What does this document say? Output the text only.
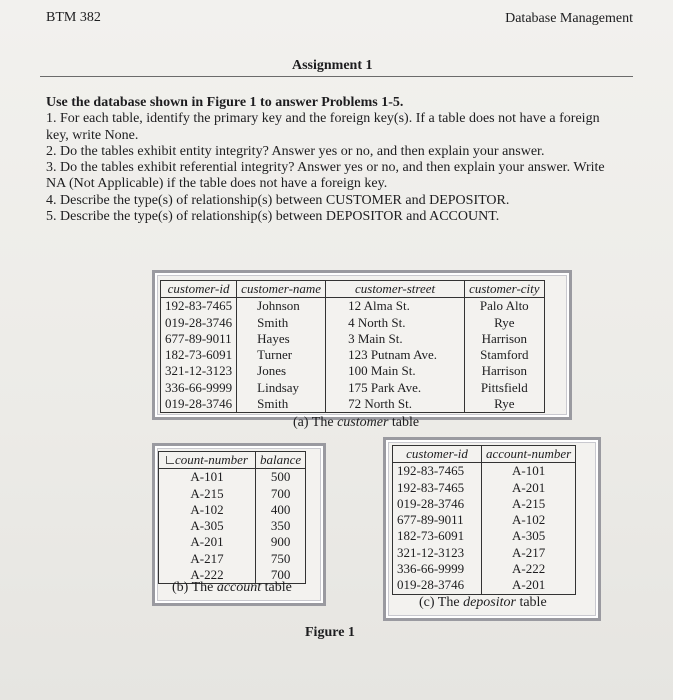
BTM 382	Database Management
Assignment 1

Use the database shown in Figure 1 to answer Problems 1-5.

1. For each table, identify the primary key and the foreign key(s). If a table does not have a foreign key, write None.

2. Do the tables exhibit entity integrity? Answer yes or no, and then explain your answer.

3. Do the tables exhibit referential integrity? Answer yes or no, and then explain your answer. Write NA (Not Applicable) if the table does not have a foreign key.

4. Describe the type(s) of relationship(s) between CUSTOMER and DEPOSITOR.

5. Describe the type(s) of relationship(s) between DEPOSITOR and ACCOUNT.

customer-id	customer-name	customer-street	customer-city
192-83-7465	Johnson	12 Alma St.	Palo Alto
019-28-3746	Smith	4 North St.	Rye
677-89-9011	Hayes	3 Main St.	Harrison
182-73-6091	Turner	123 Putnam Ave.	Stamford
321-12-3123	Jones	100 Main St.	Harrison
336-66-9999	Lindsay	175 Park Ave.	Pittsfield
019-28-3746	Smith	72 North St.	Rye
(a) The customer table
count-number	balance
A-101	500
A-215	700
A-102	400
A-305	350
A-201	900
A-217	750
A-222	700
(b) The account table
customer-id	account-number
192-83-7465	A-101
192-83-7465	A-201
019-28-3746	A-215
677-89-9011	A-102
182-73-6091	A-305
321-12-3123	A-217
336-66-9999	A-222
019-28-3746	A-201
(c) The depositor table
Figure 1
